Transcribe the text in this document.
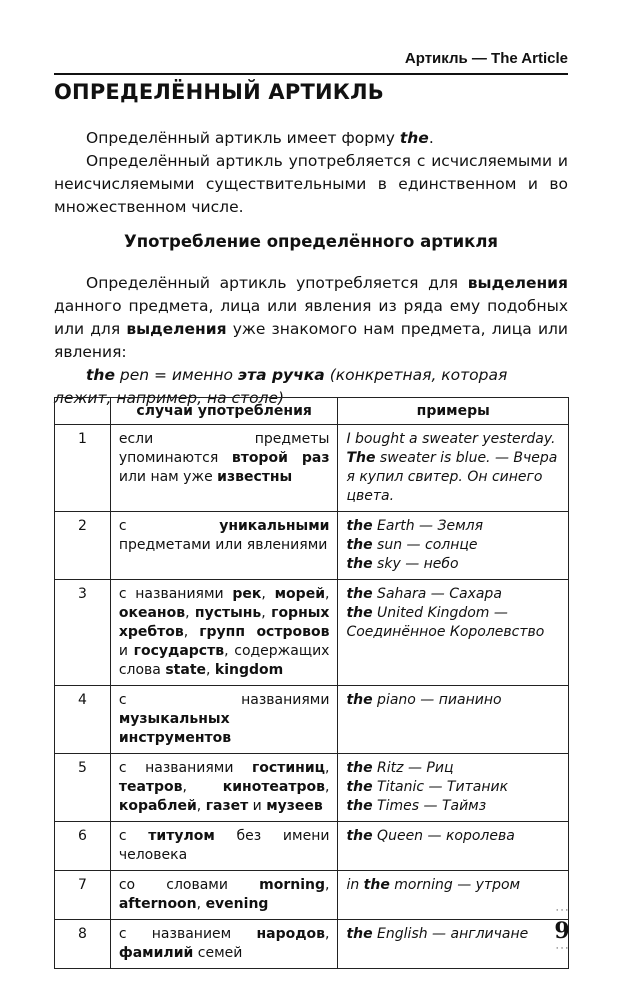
Артикль — The Article
ОПРЕДЕЛЁННЫЙ АРТИКЛЬ

Определённый артикль имеет форму the.

Определённый артикль употребляется с исчисляемыми и неисчисляемыми существительными в единственном и во множественном числе.

Употребление определённого артикля

Определённый артикль употребляется для выделения данного предмета, лица или явления из ряда ему подобных или для выделения уже знакомого нам предмета, лица или явления:

the pen = именно эта ручка (конкретная, которая лежит, например, на столе)

	случаи употребления	примеры
1	если предметы упоминаются второй раз или нам уже известны	I bought a sweater yesterday. The sweater is blue. — Вчера я купил свитер. Он синего цвета.
2	с уникальными предметами или явлениями	the Earth — Земля
the sun — солнце
the sky — небо

3	с названиями рек, морей, океанов, пустынь, горных хребтов, групп островов и государств, содержащих слова state, kingdom	the Sahara — Сахара
the United Kingdom — Соединённое Королевство

4	с названиями музыкальных инструментов	the piano — пианино

5	с названиями гостиниц, театров, кинотеатров, кораблей, газет и музеев	the Ritz — Риц
the Titanic — Титаник
the Times — Таймз

6	с титулом без имени человека	the Queen — королева

7	со словами morning, afternoon, evening	in the morning — утром
8	с названием народов, фамилий семей	the English — англичане
···
9
···
